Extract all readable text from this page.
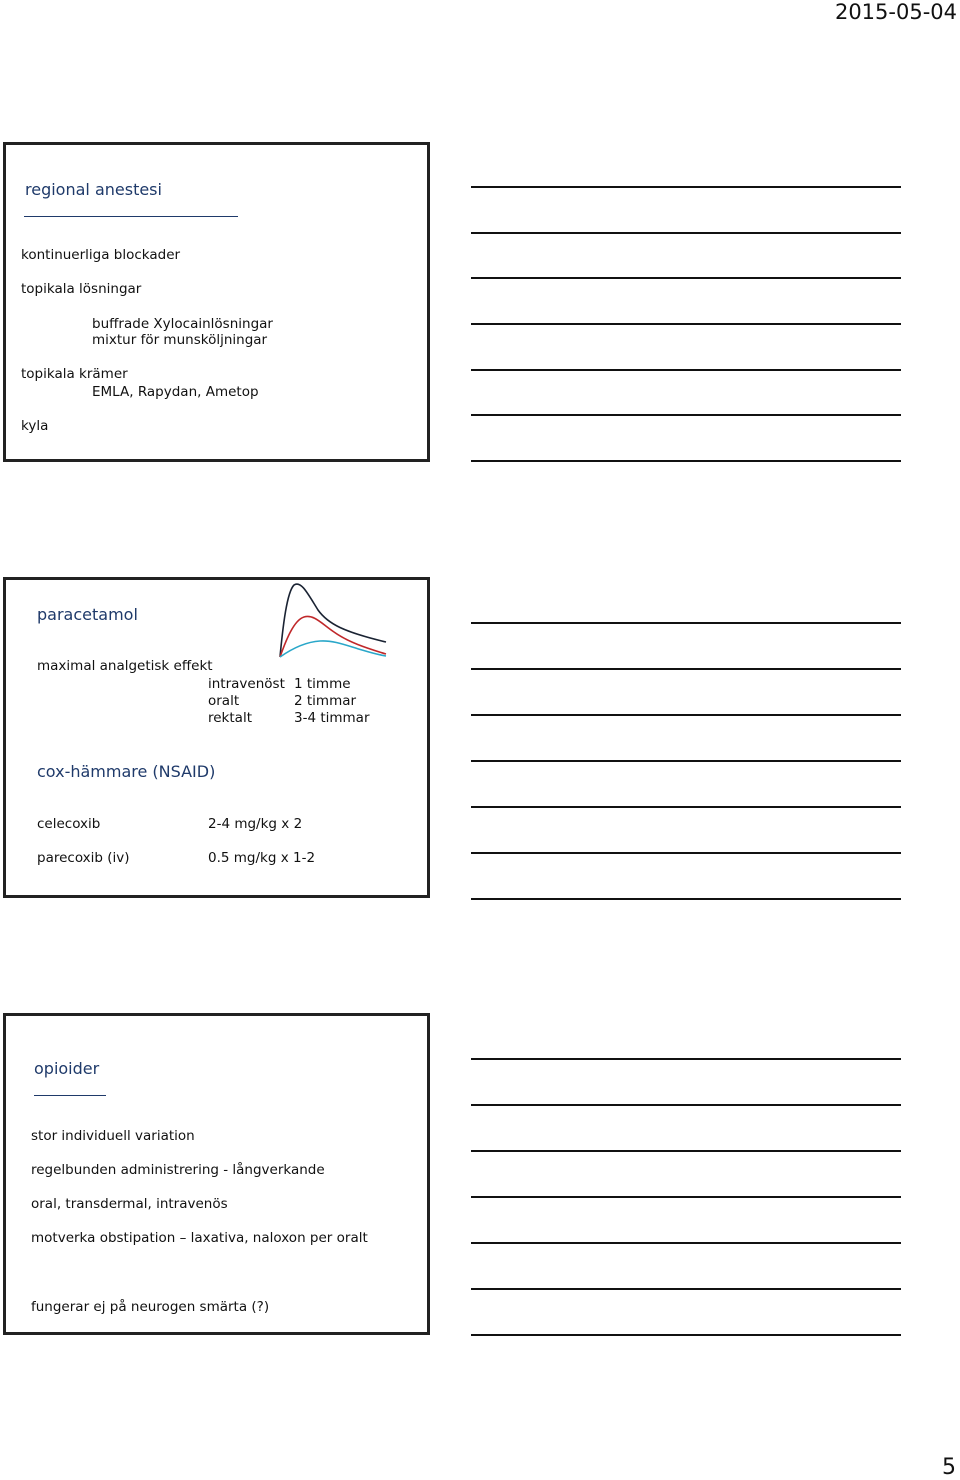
2015-05-04
5
regional anestesi
kontinuerliga blockader
topikala lösningar
buffrade Xylocainlösningar
mixtur för munsköljningar
topikala krämer
EMLA, Rapydan, Ametop
kyla
paracetamol
maximal analgetisk effekt
intravenöst 1 timme
oralt	2 timmar
rektalt	3-4 timmar
cox-hämmare (NSAID)
celecoxib	2-4 mg/kg x 2
parecoxib (iv)	0.5 mg/kg x 1-2
opioider
stor individuell variation
regelbunden administrering - långverkande
oral, transdermal, intravenös
motverka obstipation – laxativa, naloxon per oralt
fungerar ej på neurogen smärta (?)
